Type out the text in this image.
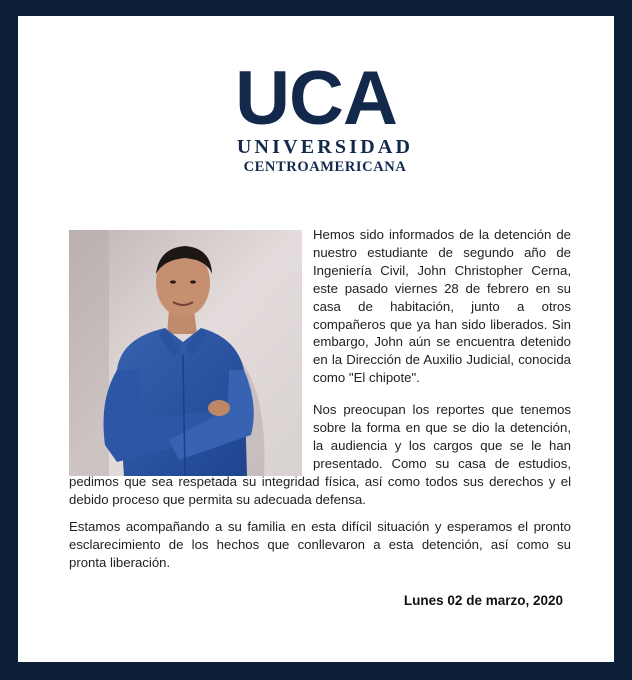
UCA
UNIVERSIDAD
CENTROAMERICANA
Hemos sido informados de la detención de nuestro estudiante de segundo año de Ingeniería Civil, John Christopher Cerna, este pasado viernes 28 de febrero en su casa de habitación, junto a otros compañeros que ya han sido liberados. Sin embargo, John aún se encuentra detenido en la Dirección de Auxilio Judicial, conocida como "El chipote".
Nos preocupan los reportes que tenemos
sobre la forma en que se dio la detención,
la audiencia y los cargos que se le han
presentado. Como su casa de estudios,
pedimos que sea respetada su integridad física, así como todos sus derechos y el
debido proceso que permita su adecuada defensa.
Estamos acompañando a su familia en esta difícil situación y esperamos el pronto
esclarecimiento de los hechos que conllevaron a esta detención, así como su
pronta liberación.
Lunes 02 de marzo, 2020
